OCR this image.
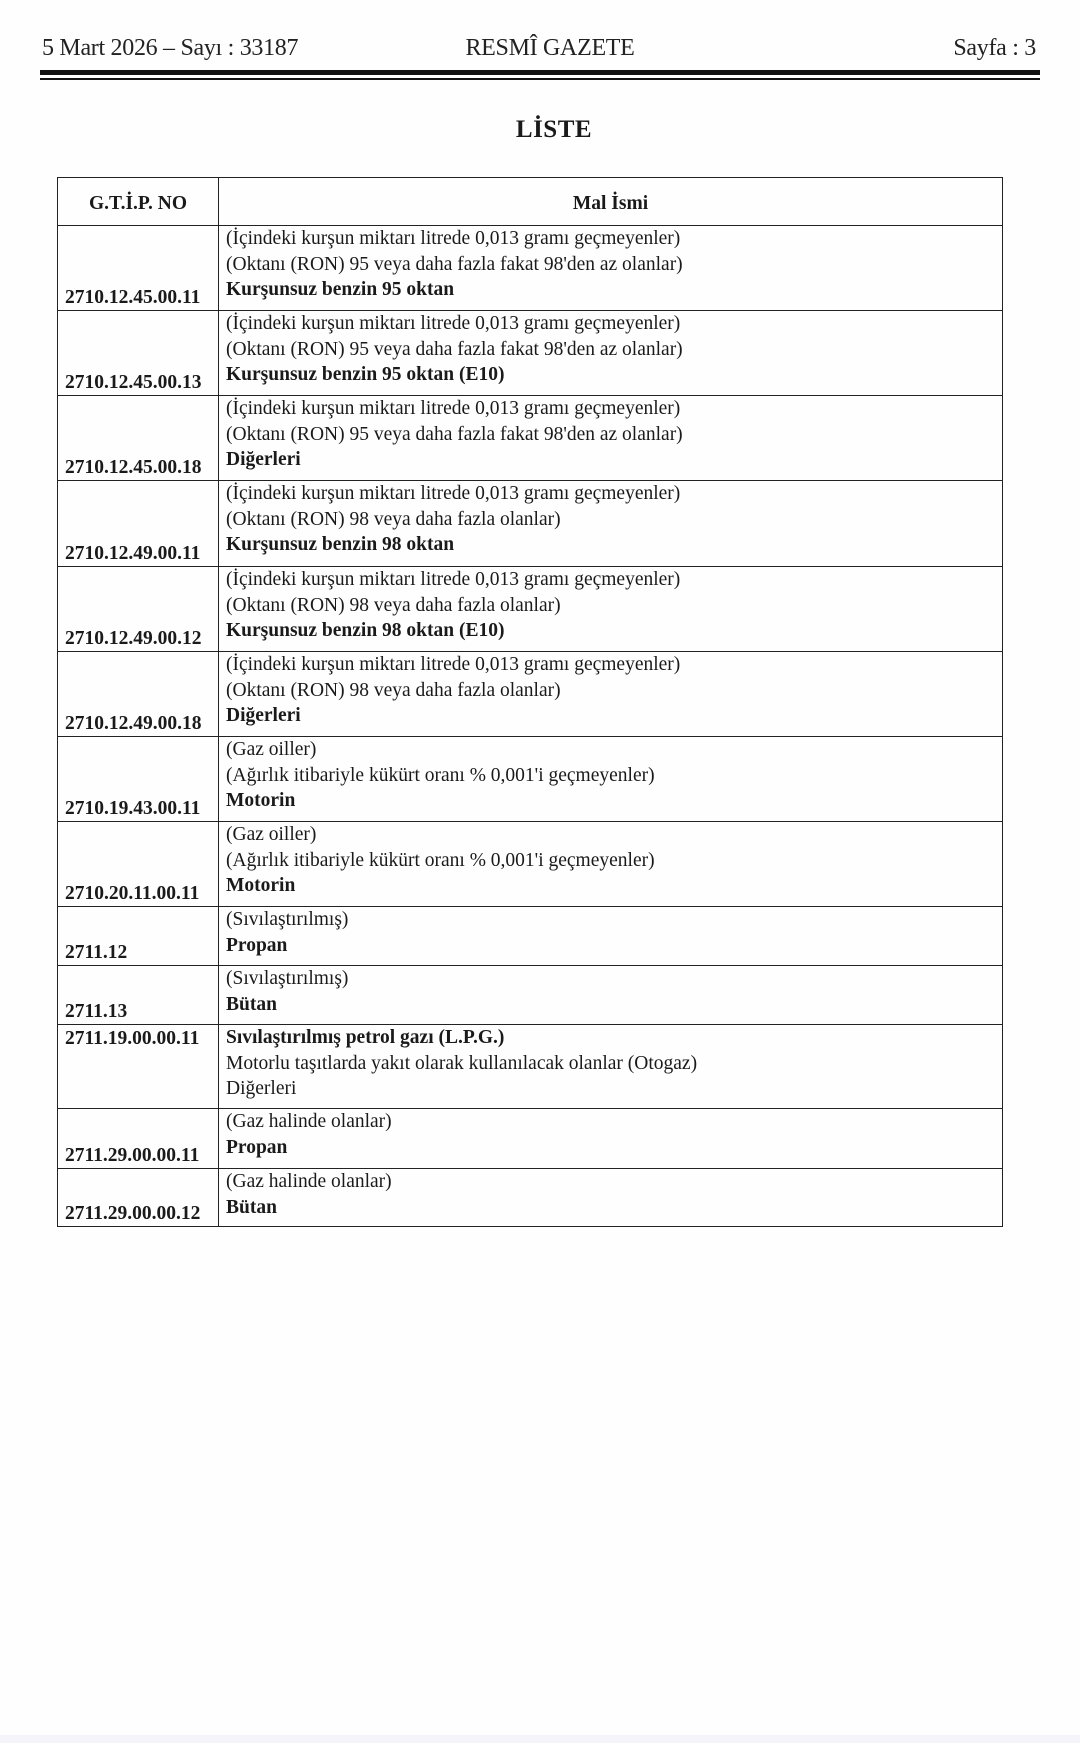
5 Mart 2026 – Sayı : 33187	RESMÎ GAZETE	Sayfa : 3
LİSTE
G.T.İ.P. NO	Mal İsmi
2710.12.45.00.11	(İçindeki kurşun miktarı litrede 0,013 gramı geçmeyenler)
(Oktanı (RON) 95 veya daha fazla fakat 98'den az olanlar)
Kurşunsuz benzin 95 oktan

2710.12.45.00.13	(İçindeki kurşun miktarı litrede 0,013 gramı geçmeyenler)
(Oktanı (RON) 95 veya daha fazla fakat 98'den az olanlar)
Kurşunsuz benzin 95 oktan (E10)

2710.12.45.00.18	(İçindeki kurşun miktarı litrede 0,013 gramı geçmeyenler)
(Oktanı (RON) 95 veya daha fazla fakat 98'den az olanlar)
Diğerleri

2710.12.49.00.11	(İçindeki kurşun miktarı litrede 0,013 gramı geçmeyenler)
(Oktanı (RON) 98 veya daha fazla olanlar)
Kurşunsuz benzin 98 oktan

2710.12.49.00.12	(İçindeki kurşun miktarı litrede 0,013 gramı geçmeyenler)
(Oktanı (RON) 98 veya daha fazla olanlar)
Kurşunsuz benzin 98 oktan (E10)

2710.12.49.00.18	(İçindeki kurşun miktarı litrede 0,013 gramı geçmeyenler)
(Oktanı (RON) 98 veya daha fazla olanlar)
Diğerleri

2710.19.43.00.11	(Gaz oiller)
(Ağırlık itibariyle kükürt oranı % 0,001'i geçmeyenler)
Motorin

2710.20.11.00.11	(Gaz oiller)
(Ağırlık itibariyle kükürt oranı % 0,001'i geçmeyenler)
Motorin

2711.12	(Sıvılaştırılmış)
Propan

2711.13	(Sıvılaştırılmış)
Bütan

2711.19.00.00.11	Sıvılaştırılmış petrol gazı (L.P.G.)
Motorlu taşıtlarda yakıt olarak kullanılacak olanlar (Otogaz)
Diğerleri

2711.29.00.00.11	(Gaz halinde olanlar)
Propan

2711.29.00.00.12	(Gaz halinde olanlar)
Bütan
